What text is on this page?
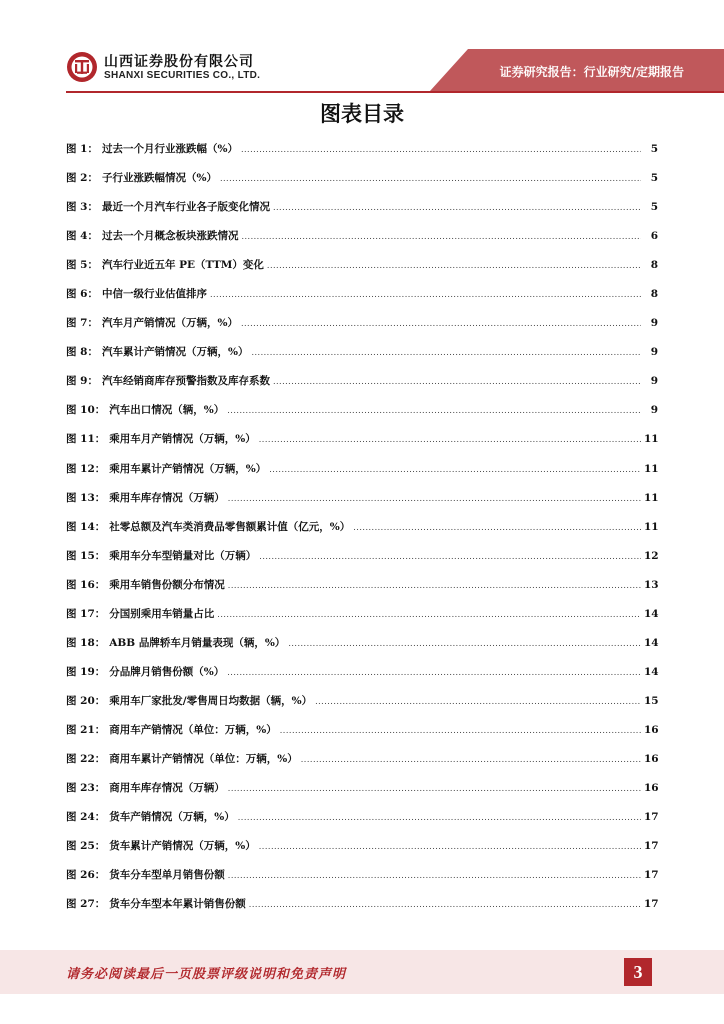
山西证券股份有限公司
SHANXI SECURITIES CO., LTD.	证券研究报告：行业研究/定期报告
图表目录
图 1： 过去一个月行业涨跌幅（%） .....	5
图 2： 子行业涨跌幅情况（%） .....	5
图 3： 最近一个月汽车行业各子版变化情况 .....	5
图 4： 过去一个月概念板块涨跌情况 .....	6
图 5： 汽车行业近五年 PE（TTM）变化 .....	8
图 6： 中信一级行业估值排序 .....	8
图 7： 汽车月产销情况（万辆，%） .....	9
图 8： 汽车累计产销情况（万辆，%） .....	9
图 9： 汽车经销商库存预警指数及库存系数 .....	9
图 10： 汽车出口情况（辆，%） .....	9
图 11： 乘用车月产销情况（万辆，%） .....	11
图 12： 乘用车累计产销情况（万辆，%） .....	11
图 13： 乘用车库存情况（万辆） .....	11
图 14： 社零总额及汽车类消费品零售额累计值（亿元，%） .....	11
图 15： 乘用车分车型销量对比（万辆） .....	12
图 16： 乘用车销售份额分布情况 .....	13
图 17： 分国别乘用车销量占比 .....	14
图 18： ABB 品牌轿车月销量表现（辆，%） .....	14
图 19： 分品牌月销售份额（%） .....	14
图 20： 乘用车厂家批发/零售周日均数据（辆，%） .....	15
图 21： 商用车产销情况（单位：万辆，%） .....	16
图 22： 商用车累计产销情况（单位：万辆，%） .....	16
图 23： 商用车库存情况（万辆） .....	16
图 24： 货车产销情况（万辆，%） .....	17
图 25： 货车累计产销情况（万辆，%） .....	17
图 26： 货车分车型单月销售份额 .....	17
图 27： 货车分车型本年累计销售份额 .....	17
请务必阅读最后一页股票评级说明和免责声明	3
